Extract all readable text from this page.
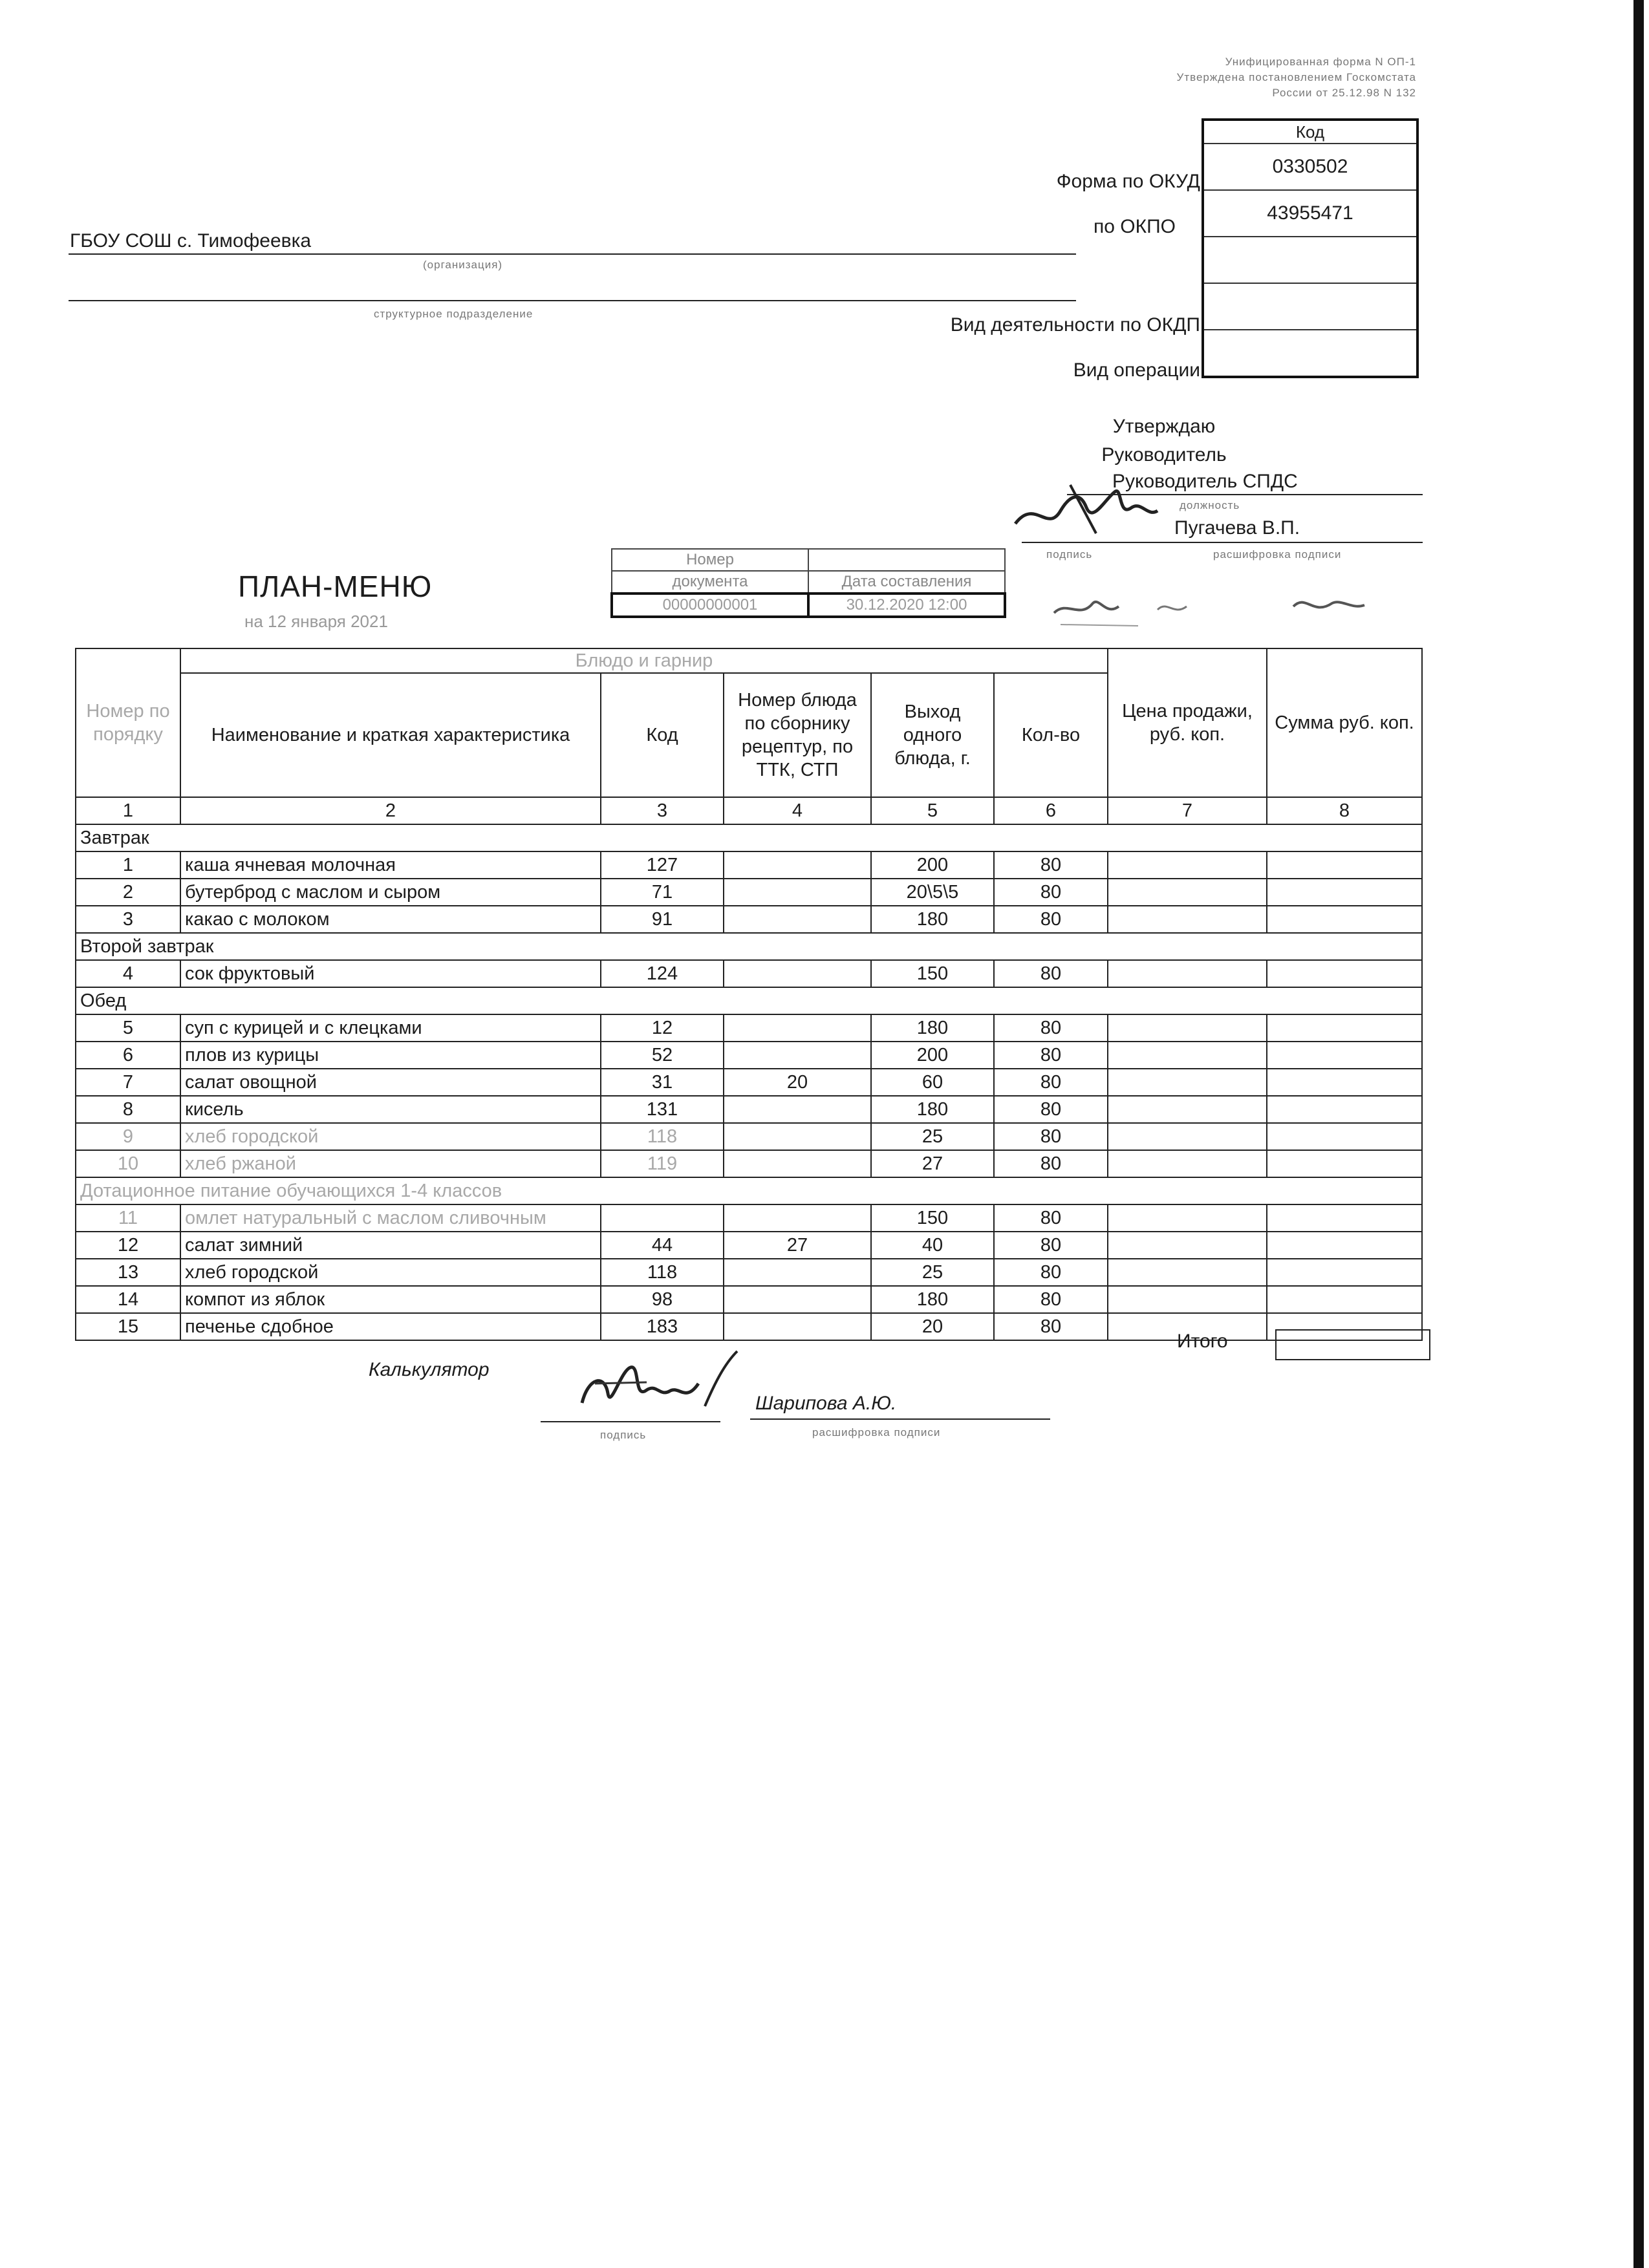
Унифицированная форма N ОП-1
Утверждена постановлением Госкомстата
России от 25.12.98 N 132
Код
0330502
43955471
Форма по ОКУД
по ОКПО
Вид деятельности по ОКДП
Вид операции
ГБОУ СОШ с. Тимофеевка
(организация)
структурное подразделение
Утверждаю
Руководитель
Руководитель СПДС
должность
Пугачева В.П.
подпись	расшифровка подписи
ПЛАН-МЕНЮ
на 12 января 2021
Номер	
документа	Дата составления
00000000001	30.12.2020 12:00
Номер по порядку	Блюдо и гарнир					Цена продажи, руб. коп.	Сумма руб. коп.
	Наименование и краткая характеристика	Код	Номер блюда по сборнику рецептур, по ТТК, СТП	Выход одного блюда, г.	Кол-во		
1	2	3	4	5	6	7	8
Завтрак							
1	каша ячневая молочная	127		200	80		
2	бутерброд с маслом и сыром	71		20\5\5	80		
3	какао с молоком	91		180	80		
Второй завтрак							
4	сок фруктовый	124		150	80		
Обед							
5	суп с курицей и с клецками	12		180	80		
6	плов из курицы	52		200	80		
7	салат овощной	31	20	60	80		
8	кисель	131		180	80		
9	хлеб городской	118		25	80		
10	хлеб ржаной	119		27	80		
Дотационное питание обучающихся 1-4 классов							
11	омлет натуральный с маслом сливочным			150	80		
12	салат зимний	44	27	40	80		
13	хлеб городской	118		25	80		
14	компот из яблок	98		180	80		
15	печенье сдобное	183		20	80		
Итого
Калькулятор
подпись
Шарипова А.Ю.
расшифровка подписи
